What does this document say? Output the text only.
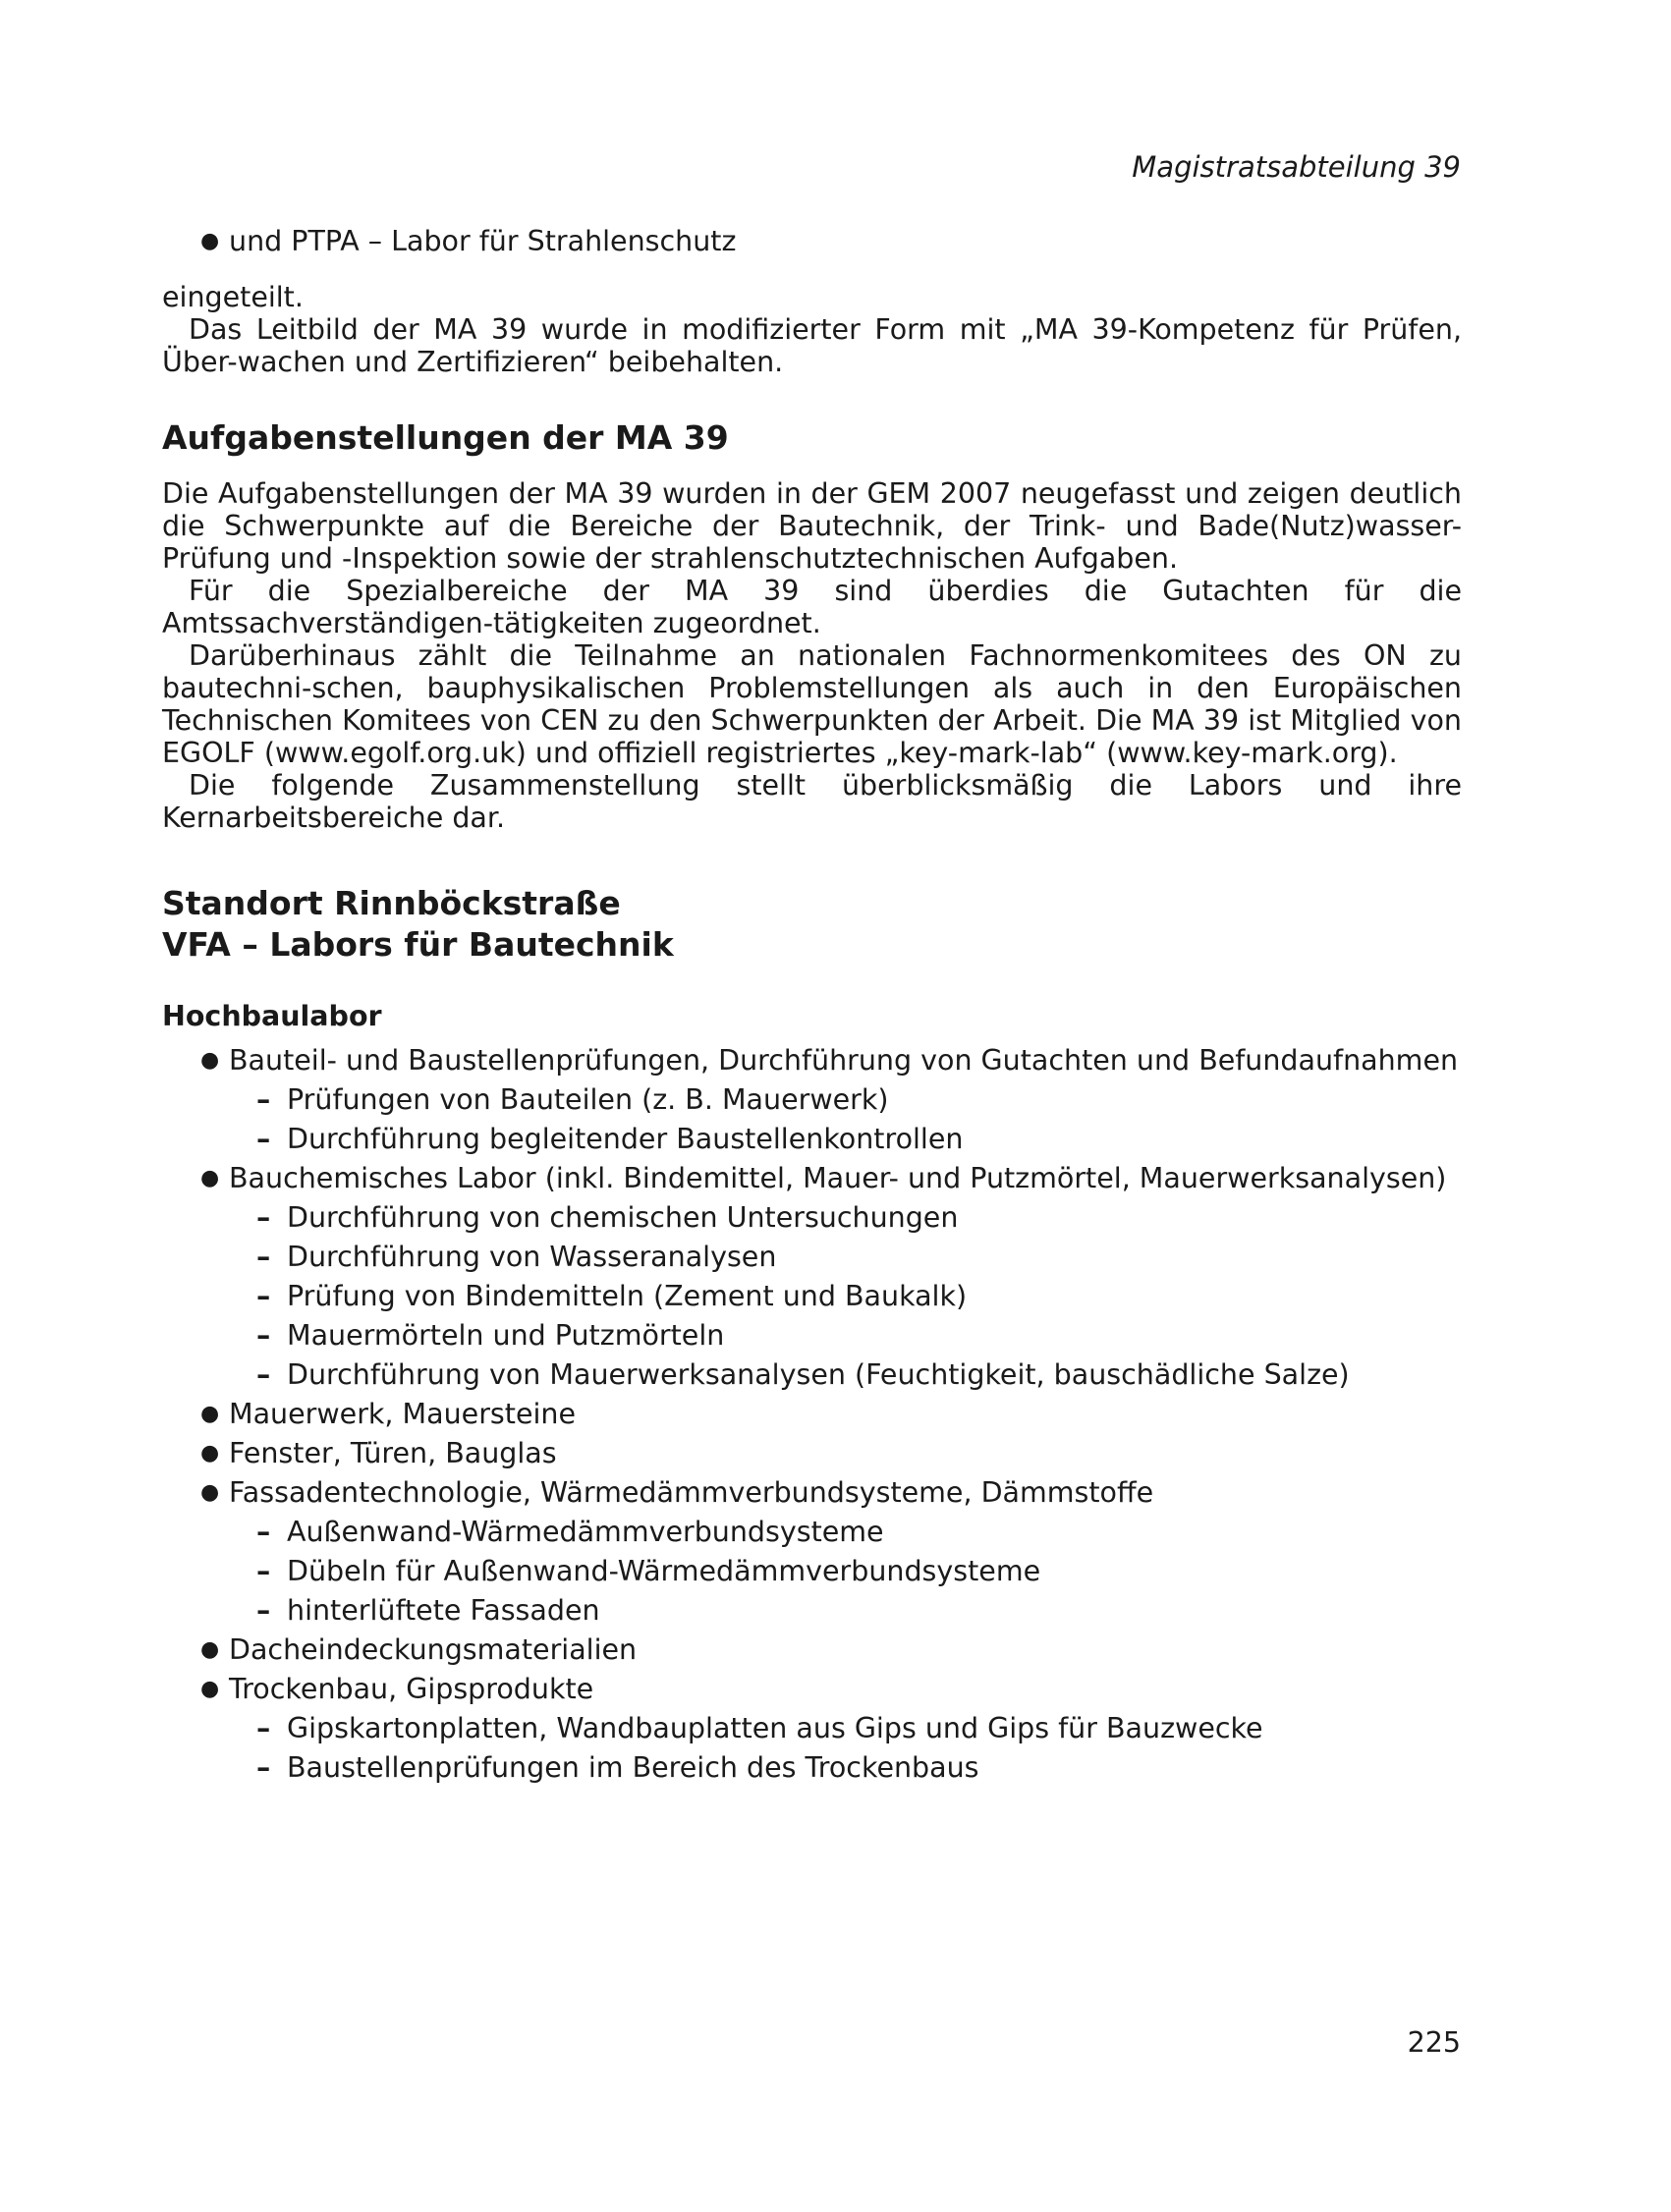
Magistratsabteilung 39
● und PTPA – Labor für Strahlenschutz

eingeteilt.

Das Leitbild der MA 39 wurde in modifizierter Form mit „MA 39-Kompetenz für Prüfen, Über-wachen und Zertifizieren“ beibehalten.

Aufgabenstellungen der MA 39

Die Aufgabenstellungen der MA 39 wurden in der GEM 2007 neugefasst und zeigen deutlich die Schwerpunkte auf die Bereiche der Bautechnik, der Trink- und Bade(Nutz)wasser-Prüfung und -Inspektion sowie der strahlenschutztechnischen Aufgaben.

Für die Spezialbereiche der MA 39 sind überdies die Gutachten für die Amtssachverständigen-tätigkeiten zugeordnet.

Darüberhinaus zählt die Teilnahme an nationalen Fachnormenkomitees des ON zu bautechni-schen, bauphysikalischen Problemstellungen als auch in den Europäischen Technischen Komitees von CEN zu den Schwerpunkten der Arbeit. Die MA 39 ist Mitglied von EGOLF (www.egolf.org.uk) und offiziell registriertes „key-mark-lab“ (www.key-mark.org).

Die folgende Zusammenstellung stellt überblicksmäßig die Labors und ihre Kernarbeitsbereiche dar.

Standort Rinnböckstraße
VFA – Labors für Bautechnik
Hochbaulabor
● Bauteil- und Baustellenprüfungen, Durchführung von Gutachten und Befundaufnahmen
– Prüfungen von Bauteilen (z. B. Mauerwerk)
– Durchführung begleitender Baustellenkontrollen
● Bauchemisches Labor (inkl. Bindemittel, Mauer- und Putzmörtel, Mauerwerksanalysen)
– Durchführung von chemischen Untersuchungen
– Durchführung von Wasseranalysen
– Prüfung von Bindemitteln (Zement und Baukalk)
– Mauermörteln und Putzmörteln
– Durchführung von Mauerwerksanalysen (Feuchtigkeit, bauschädliche Salze)
● Mauerwerk, Mauersteine
● Fenster, Türen, Bauglas
● Fassadentechnologie, Wärmedämmverbundsysteme, Dämmstoffe
– Außenwand-Wärmedämmverbundsysteme
– Dübeln für Außenwand-Wärmedämmverbundsysteme
– hinterlüftete Fassaden
● Dacheindeckungsmaterialien
● Trockenbau, Gipsprodukte
– Gipskartonplatten, Wandbauplatten aus Gips und Gips für Bauzwecke
– Baustellenprüfungen im Bereich des Trockenbaus
225
